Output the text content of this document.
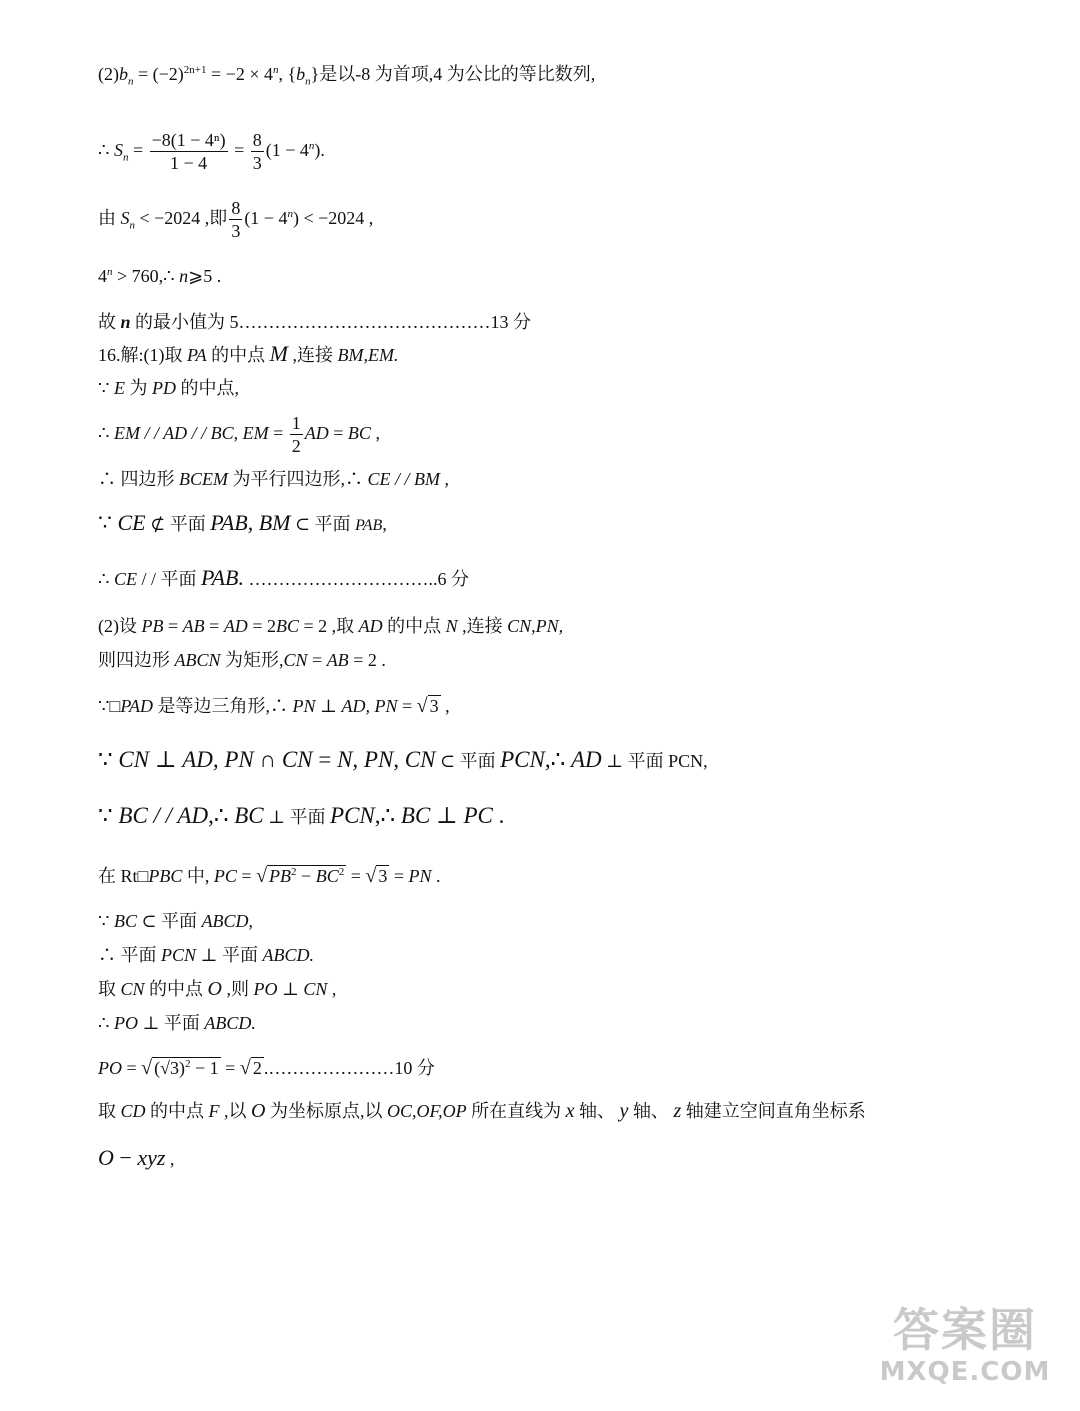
$(2)b_n = (-2)^{2n+1} = -2 \times 4^n$, $\{b_n\}$是以-8 为首项,4 为公比的等比数列,
∴ $S_n = \frac{\text{−8(1 − 4ⁿ)}}{1 - 4} = \frac{8}{3} (1 - 4^n)$.
由 $S_n < -2024$ ,即 $\frac{8}{3} (1 - 4^n) < -2024$ ,
$4^n$ > 760,∴ n⩾5 .
故 n 的最小值为 5……………………………………13 分
16.解:(1)取 PA 的中点 M ,连接 BM,EM.
∵ E 为 PD 的中点,
∴ EM / / AD / / BC, EM = $\frac{1}{2}$ AD = BC ,
∴ 四边形 BCEM 为平行四边形,∴ CE / / BM ,
∵ CE ⊄ 平面 PAB, BM ⊂ 平面 PAB,
∴ CE / / 平面 PAB. …………………………..6 分
(2)设 PB = AB = AD = 2BC = 2 ,取 AD 的中点 N ,连接 CN,PN,
则四边形 ABCN 为矩形,CN = AB = 2 .
∵□PAD 是等边三角形,∴ PN ⊥ AD, PN = √ 3 ,
∵ CN ⊥ AD, PN ∩ CN = N, PN, CN ⊂ 平面 PCN,∴ AD ⊥ 平面 PCN,
∵ BC / / AD,∴ BC ⊥ 平面 PCN,∴ BC ⊥ PC .
在 Rt□PBC 中, PC = √ $PB^2 - BC^2$ = √ 3 = PN .
∵ BC ⊂ 平面 ABCD,
∴ 平面 PCN ⊥ 平面 ABCD.
取 CN 的中点 O ,则 PO ⊥ CN ,
∴ PO ⊥ 平面 ABCD.
PO = √ $(√3)^2 - 1$ = √ 2 .…………………10 分
取 CD 的中点 F ,以 O 为坐标原点,以 OC,OF,OP 所在直线为 x 轴、 y 轴、 z 轴建立空间直角坐标系
O − xyz ,
答案圈
MXQE.COM
